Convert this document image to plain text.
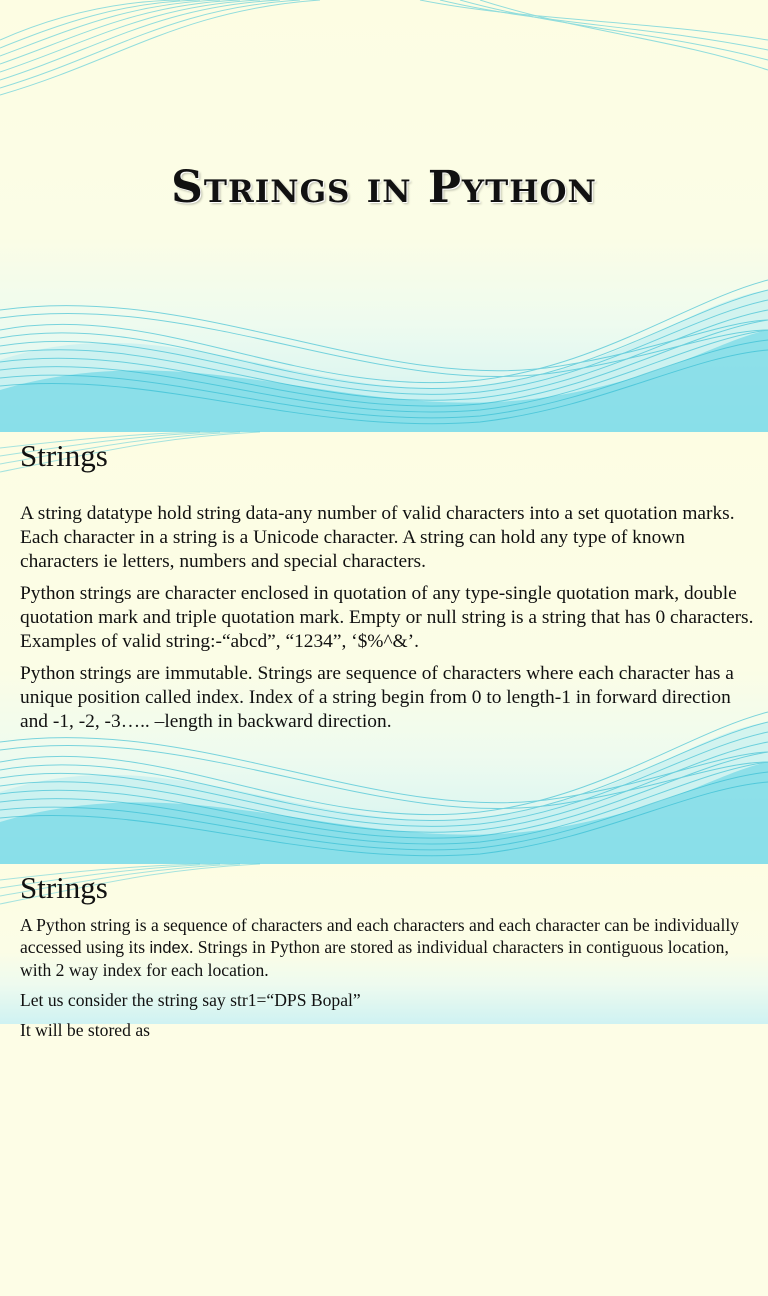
Strings in Python
Strings

A string datatype hold string data-any number of valid characters into a set quotation marks. Each character in a string is a Unicode character. A string can hold any type of known characters ie letters, numbers and special characters.

Python strings are character enclosed in quotation of any type-single quotation mark, double quotation mark and triple quotation mark. Empty or null string is a string that has 0 characters. Examples of valid string:-“abcd”, “1234”, ‘$%^&’.

Python strings are immutable. Strings are sequence of characters where each character has a unique position called index. Index of a string begin from 0 to length-1 in forward direction and -1, -2, -3….. –length in backward direction.

Strings

A Python string is a sequence of characters and each characters and each character can be individually accessed using its index. Strings in Python are stored as individual characters in contiguous location, with 2 way index for each location.

Let us consider the string say str1=“DPS Bopal”

It will be stored as
